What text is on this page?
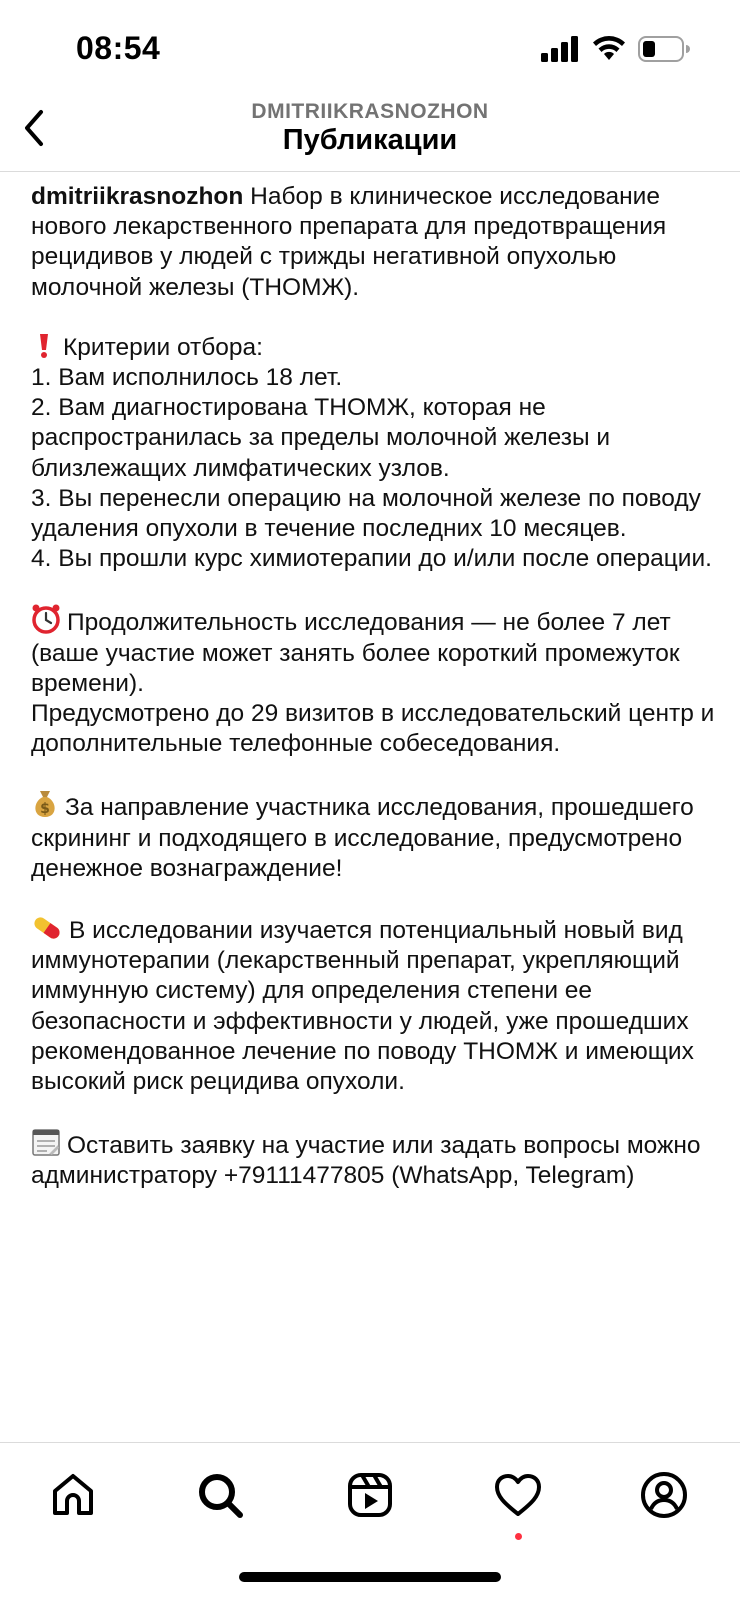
08:54
DMITRIIKRASNOZHON
Публикации

dmitriikrasnozhon Набор в клиническое исследование нового лекарственного препарата для предотвращения рецидивов у людей с трижды негативной опухолью молочной железы (ТНОМЖ).

Критерии отбора:

1. Вам исполнилось 18 лет.

2. Вам диагностирована ТНОМЖ, которая не распространилась за пределы молочной железы и близлежащих лимфатических узлов.

3. Вы перенесли операцию на молочной железе по поводу удаления опухоли в течение последних 10 месяцев.

4. Вы прошли курс химиотерапии до и/или после операции.

Продолжительность исследования — не более 7 лет (ваше участие может занять более короткий промежуток времени).

Предусмотрено до 29 визитов в исследовательский центр и дополнительные телефонные собеседования.

$ За направление участника исследования, прошедшего скрининг и подходящего в исследование, предусмотрено денежное вознаграждение!

В исследовании изучается потенциальный новый вид иммунотерапии (лекарственный препарат, укрепляющий иммунную систему) для определения степени ее безопасности и эффективности у людей, уже прошедших рекомендованное лечение по поводу ТНОМЖ и имеющих высокий риск рецидива опухоли.

Оставить заявку на участие или задать вопросы можно администратору +79111477805 (WhatsApp, Telegram)
